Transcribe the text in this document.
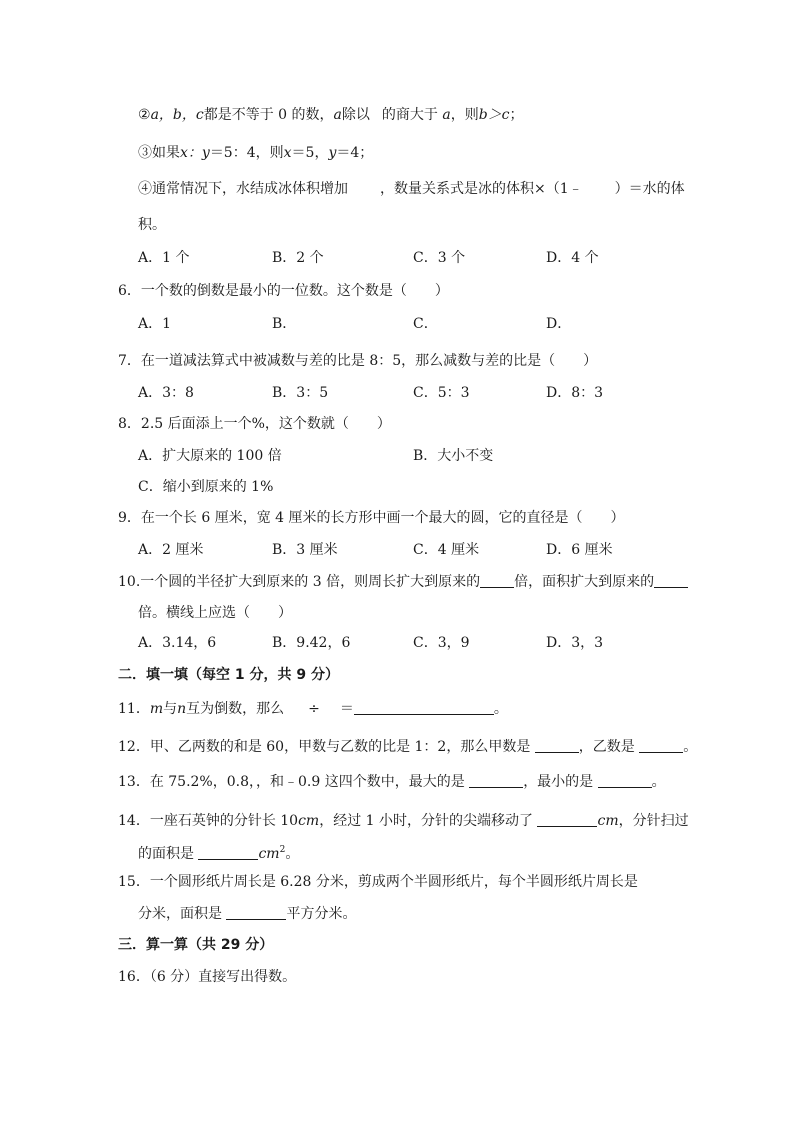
②a，b，c都是不等于 0 的数，a除以 的商大于 a，则b＞c；
③如果x：y＝5：4，则x＝5，y＝4；
④通常情况下，水结成冰体积增加 ，数量关系式是冰的体积×（1﹣ ）＝水的体
积。
A．1 个	B．2 个	C．3 个	D．4 个
6．一个数的倒数是最小的一位数。这个数是（　　）
A．1	B．	C．	D．
7．在一道减法算式中被减数与差的比是 8：5，那么减数与差的比是（　　）
A．3：8	B．3：5	C．5：3	D．8：3
8．2.5 后面添上一个%，这个数就（　　）
A．扩大原来的 100 倍	B．大小不变
C．缩小到原来的 1%
9．在一个长 6 厘米，宽 4 厘米的长方形中画一个最大的圆，它的直径是（　　）
A．2 厘米	B．3 厘米	C．4 厘米	D．6 厘米
10.一个圆的半径扩大到原来的 3 倍，则周长扩大到原来的 倍，面积扩大到原来的
倍。横线上应选（　　）
A．3.14，6	B．9.42，6	C．3，9	D．3，3
二．填一填（每空 1 分，共 9 分）
11．m与n互为倒数，那么 ÷ ＝	。
12．甲、乙两数的和是 60，甲数与乙数的比是 1：2，那么甲数是	，乙数是	。
13．在 75.2%，0.8，，和﹣0.9 这四个数中，最大的是	，最小的是	。
14．一座石英钟的分针长 10cm，经过 1 小时，分针的尖端移动了	cm，分针扫过
的面积是	$cm^2$。
15．一个圆形纸片周长是 6.28 分米，剪成两个半圆形纸片，每个半圆形纸片周长是
分米，面积是	平方分米。
三．算一算（共 29 分）
16．（6 分）直接写出得数。
